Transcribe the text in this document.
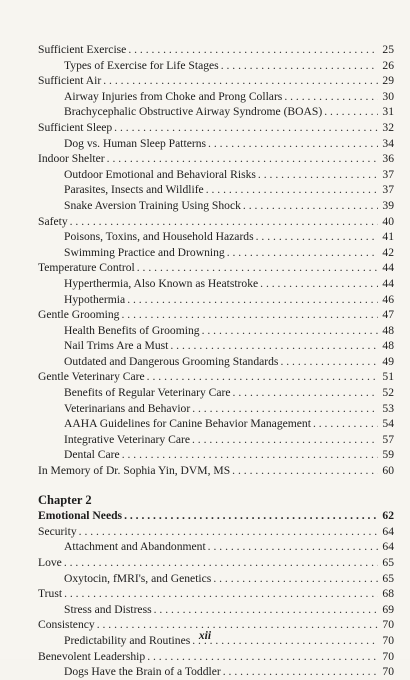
Sufficient Exercise . . .	25
Types of Exercise for Life Stages . . .	26
Sufficient Air . . .	29
Airway Injuries from Choke and Prong Collars . . .	30
Brachycephalic Obstructive Airway Syndrome (BOAS) . . .	31
Sufficient Sleep . . .	32
Dog vs. Human Sleep Patterns . . .	34
Indoor Shelter . . .	36
Outdoor Emotional and Behavioral Risks . . .	37
Parasites, Insects and Wildlife . . .	37
Snake Aversion Training Using Shock . . .	39
Safety . . .	40
Poisons, Toxins, and Household Hazards . . .	41
Swimming Practice and Drowning . . .	42
Temperature Control . . .	44
Hyperthermia, Also Known as Heatstroke . . .	44
Hypothermia . . .	46
Gentle Grooming . . .	47
Health Benefits of Grooming . . .	48
Nail Trims Are a Must . . .	48
Outdated and Dangerous Grooming Standards . . .	49
Gentle Veterinary Care . . .	51
Benefits of Regular Veterinary Care . . .	52
Veterinarians and Behavior . . .	53
AAHA Guidelines for Canine Behavior Management . . .	54
Integrative Veterinary Care . . .	57
Dental Care . . .	59
In Memory of Dr. Sophia Yin, DVM, MS . . .	60
Chapter 2
Emotional Needs . . .	62
Security . . .	64
Attachment and Abandonment . . .	64
Love . . .	65
Oxytocin, fMRI's, and Genetics . . .	65
Trust . . .	68
Stress and Distress . . .	69
Consistency . . .	70
Predictability and Routines . . .	70
Benevolent Leadership . . .	70
Dogs Have the Brain of a Toddler . . .	70
xii
